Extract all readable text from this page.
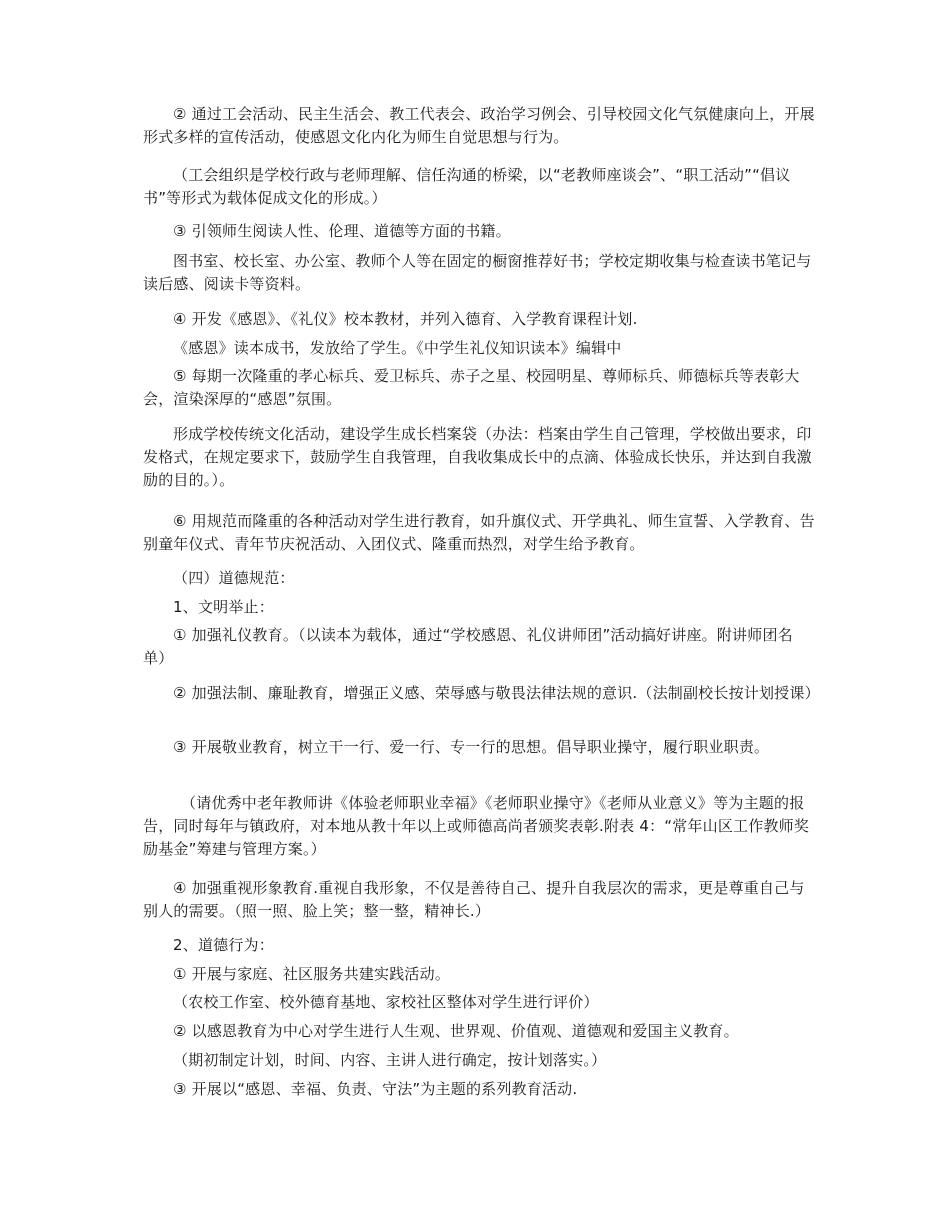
② 通过工会活动、民主生活会、教工代表会、政治学习例会、引导校园文化气氛健康向上，开展形式多样的宣传活动，使感恩文化内化为师生自觉思想与行为。

（工会组织是学校行政与老师理解、信任沟通的桥梁，以“老教师座谈会”、“职工活动”“倡议书”等形式为载体促成文化的形成。）

③ 引领师生阅读人性、伦理、道德等方面的书籍。

图书室、校长室、办公室、教师个人等在固定的橱窗推荐好书；学校定期收集与检查读书笔记与读后感、阅读卡等资料。

④ 开发《感恩》、《礼仪》校本教材，并列入德育、入学教育课程计划.

《感恩》读本成书，发放给了学生。《中学生礼仪知识读本》编辑中

⑤ 每期一次隆重的孝心标兵、爱卫标兵、赤子之星、校园明星、尊师标兵、师德标兵等表彰大会，渲染深厚的“感恩”氛围。

形成学校传统文化活动，建设学生成长档案袋（办法：档案由学生自己管理，学校做出要求，印发格式，在规定要求下，鼓励学生自我管理，自我收集成长中的点滴、体验成长快乐，并达到自我激励的目的。）。

⑥ 用规范而隆重的各种活动对学生进行教育，如升旗仪式、开学典礼、师生宣誓、入学教育、告别童年仪式、青年节庆祝活动、入团仪式、隆重而热烈，对学生给予教育。

（四）道德规范：

1、文明举止：

① 加强礼仪教育。（以读本为载体，通过“学校感恩、礼仪讲师团”活动搞好讲座。附讲师团名单）

② 加强法制、廉耻教育，增强正义感、荣辱感与敬畏法律法规的意识.（法制副校长按计划授课）

③ 开展敬业教育，树立干一行、爱一行、专一行的思想。倡导职业操守，履行职业职责。

（请优秀中老年教师讲《体验老师职业幸福》《老师职业操守》《老师从业意义》等为主题的报告，同时每年与镇政府，对本地从教十年以上或师德高尚者颁奖表彰.附表 4：“常年山区工作教师奖励基金”筹建与管理方案。）

④ 加强重视形象教育.重视自我形象，不仅是善待自己、提升自我层次的需求，更是尊重自己与别人的需要。（照一照、脸上笑；整一整，精神长.）

2、道德行为：

① 开展与家庭、社区服务共建实践活动。

（农校工作室、校外德育基地、家校社区整体对学生进行评价）

② 以感恩教育为中心对学生进行人生观、世界观、价值观、道德观和爱国主义教育。

（期初制定计划，时间、内容、主讲人进行确定，按计划落实。）

③ 开展以“感恩、幸福、负责、守法”为主题的系列教育活动.
